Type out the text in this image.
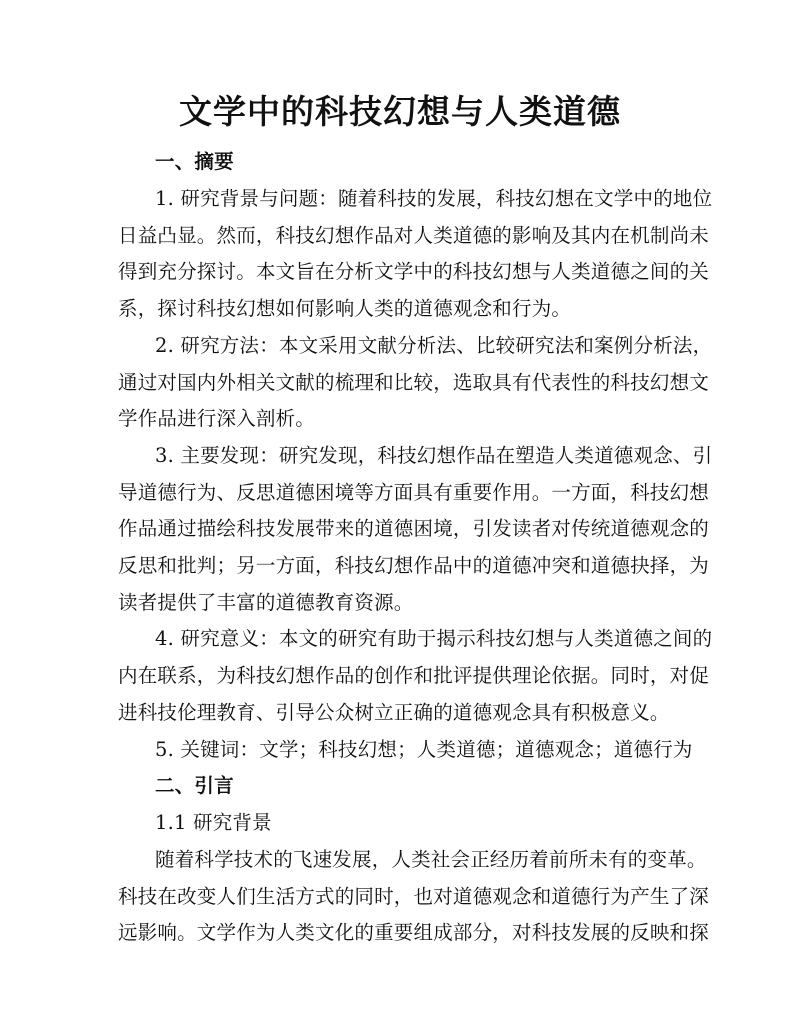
文学中的科技幻想与人类道德
一、摘要
1. 研究背景与问题：随着科技的发展，科技幻想在文学中的地位
日益凸显。然而，科技幻想作品对人类道德的影响及其内在机制尚未
得到充分探讨。本文旨在分析文学中的科技幻想与人类道德之间的关
系，探讨科技幻想如何影响人类的道德观念和行为。
2. 研究方法：本文采用文献分析法、比较研究法和案例分析法，
通过对国内外相关文献的梳理和比较，选取具有代表性的科技幻想文
学作品进行深入剖析。
3. 主要发现：研究发现，科技幻想作品在塑造人类道德观念、引
导道德行为、反思道德困境等方面具有重要作用。一方面，科技幻想
作品通过描绘科技发展带来的道德困境，引发读者对传统道德观念的
反思和批判；另一方面，科技幻想作品中的道德冲突和道德抉择，为
读者提供了丰富的道德教育资源。
4. 研究意义：本文的研究有助于揭示科技幻想与人类道德之间的
内在联系，为科技幻想作品的创作和批评提供理论依据。同时，对促
进科技伦理教育、引导公众树立正确的道德观念具有积极意义。
5. 关键词：文学；科技幻想；人类道德；道德观念；道德行为
二、引言
1.1 研究背景
随着科学技术的飞速发展，人类社会正经历着前所未有的变革。
科技在改变人们生活方式的同时，也对道德观念和道德行为产生了深
远影响。文学作为人类文化的重要组成部分，对科技发展的反映和探
